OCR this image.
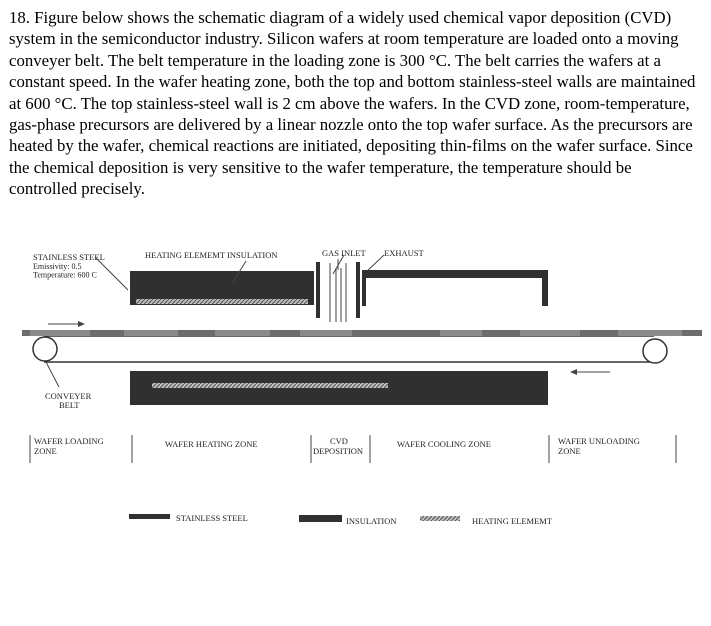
18. Figure below shows the schematic diagram of a widely used chemical vapor deposition (CVD) system in the semiconductor industry. Silicon wafers at room temperature are loaded onto a moving conveyer belt. The belt temperature in the loading zone is 300 °C. The belt carries the wafers at a constant speed. In the wafer heating zone, both the top and bottom stainless-steel walls are maintained at 600 °C. The top stainless-steel wall is 2 cm above the wafers. In the CVD zone, room-temperature, gas-phase precursors are delivered by a linear nozzle onto the top wafer surface. As the precursors are heated by the wafer, chemical reactions are initiated, depositing thin-films on the wafer surface. Since the chemical deposition is very sensitive to the wafer temperature, the temperature should be controlled precisely.

STAINLESS STEEL
Emissivity: 0.5
Temperature: 600 C
HEATING ELEMEMT INSULATION	GAS INLET EXHAUST
CONVEYER
BELT
WAFER LOADING
ZONE
WAFER HEATING ZONE	CVD
DEPOSITION
WAFER COOLING ZONE	WAFER UNLOADING
ZONE
STAINLESS STEEL	INSULATION	HEATING ELEMEMT
